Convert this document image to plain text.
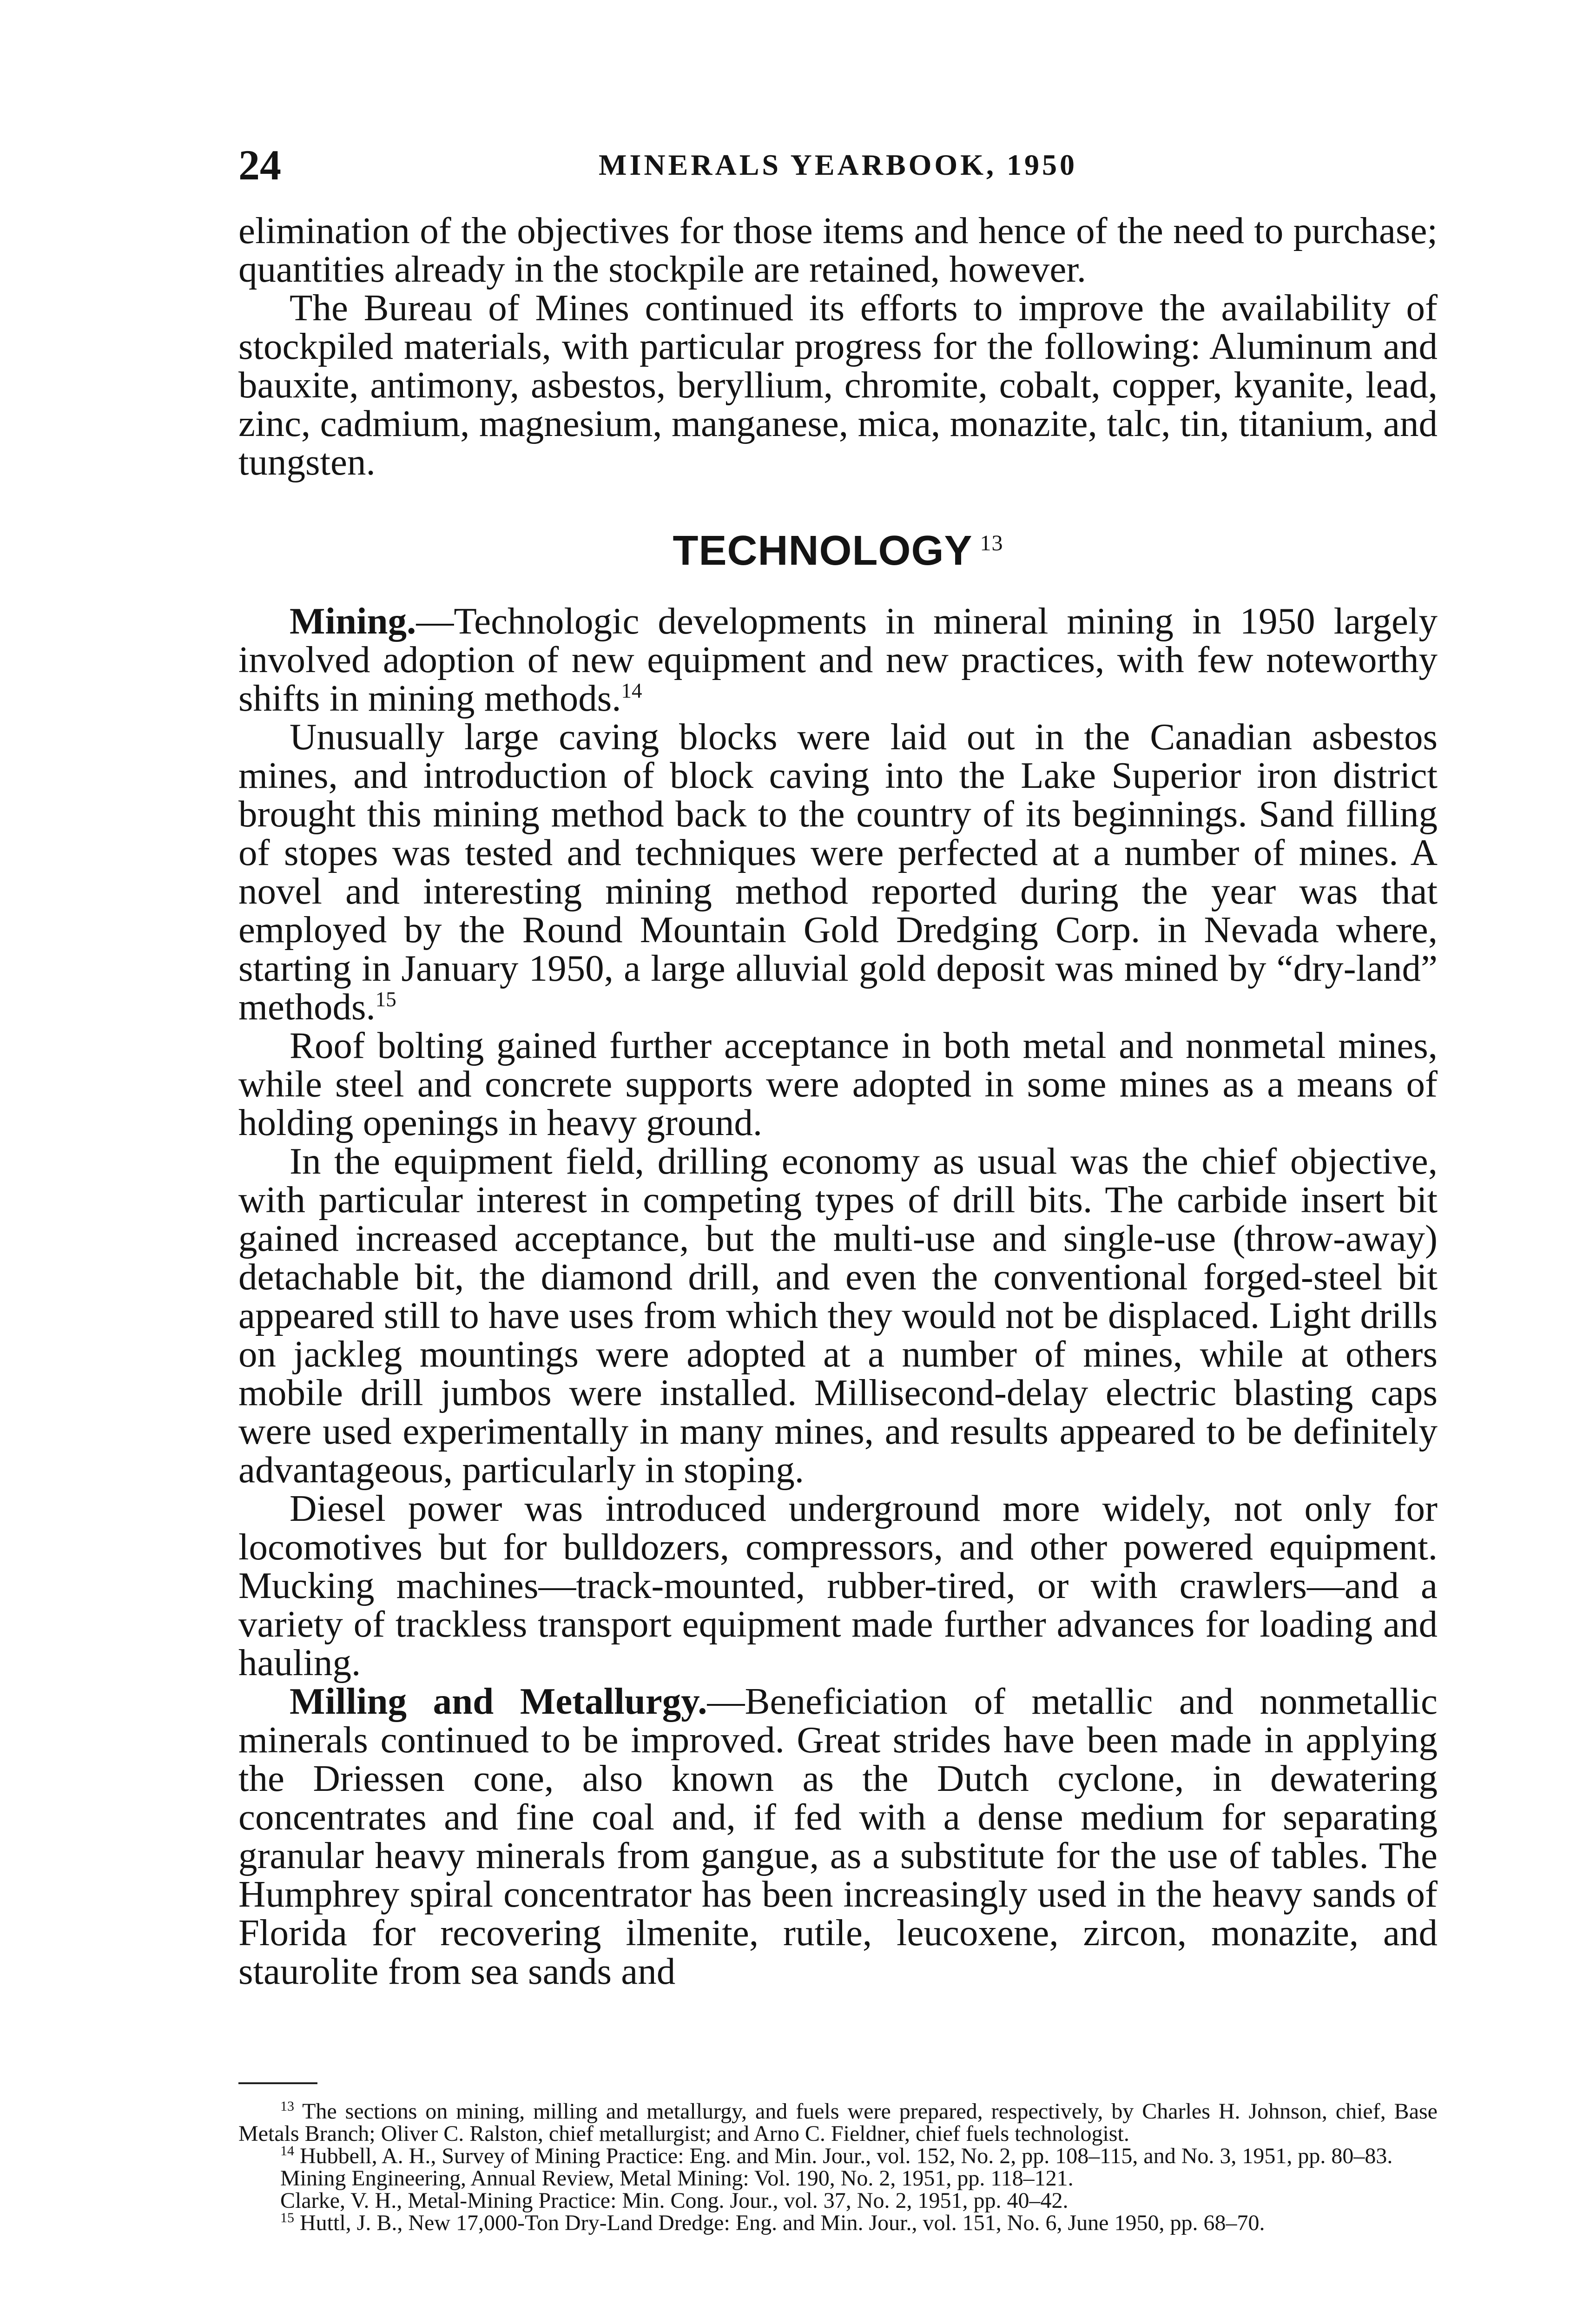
24	MINERALS YEARBOOK, 1950

elimination of the objectives for those items and hence of the need to purchase; quantities already in the stockpile are retained, however.

The Bureau of Mines continued its efforts to improve the availability of stockpiled materials, with particular progress for the following: Aluminum and bauxite, antimony, asbestos, beryllium, chromite, cobalt, copper, kyanite, lead, zinc, cadmium, magnesium, manganese, mica, monazite, talc, tin, titanium, and tungsten.

TECHNOLOGY $^{13}$

Mining.—Technologic developments in mineral mining in 1950 largely involved adoption of new equipment and new practices, with few noteworthy shifts in mining methods.$^{14}$

Unusually large caving blocks were laid out in the Canadian asbestos mines, and introduction of block caving into the Lake Superior iron district brought this mining method back to the country of its beginnings. Sand filling of stopes was tested and techniques were perfected at a number of mines. A novel and interesting mining method reported during the year was that employed by the Round Mountain Gold Dredging Corp. in Nevada where, starting in January 1950, a large alluvial gold deposit was mined by “dry-land” methods.$^{15}$

Roof bolting gained further acceptance in both metal and nonmetal mines, while steel and concrete supports were adopted in some mines as a means of holding openings in heavy ground.

In the equipment field, drilling economy as usual was the chief objective, with particular interest in competing types of drill bits. The carbide insert bit gained increased acceptance, but the multi-use and single-use (throw-away) detachable bit, the diamond drill, and even the conventional forged-steel bit appeared still to have uses from which they would not be displaced. Light drills on jackleg mountings were adopted at a number of mines, while at others mobile drill jumbos were installed. Millisecond-delay electric blasting caps were used experimentally in many mines, and results appeared to be definitely advantageous, particularly in stoping.

Diesel power was introduced underground more widely, not only for locomotives but for bulldozers, compressors, and other powered equipment. Mucking machines—track-mounted, rubber-tired, or with crawlers—and a variety of trackless transport equipment made further advances for loading and hauling.

Milling and Metallurgy.—Beneficiation of metallic and nonmetallic minerals continued to be improved. Great strides have been made in applying the Driessen cone, also known as the Dutch cyclone, in dewatering concentrates and fine coal and, if fed with a dense medium for separating granular heavy minerals from gangue, as a substitute for the use of tables. The Humphrey spiral concentrator has been increasingly used in the heavy sands of Florida for recovering ilmenite, rutile, leucoxene, zircon, monazite, and staurolite from sea sands and

$^{13}$ The sections on mining, milling and metallurgy, and fuels were prepared, respectively, by Charles H. Johnson, chief, Base Metals Branch; Oliver C. Ralston, chief metallurgist; and Arno C. Fieldner, chief fuels technologist.

$^{14}$ Hubbell, A. H., Survey of Mining Practice: Eng. and Min. Jour., vol. 152, No. 2, pp. 108–115, and No. 3, 1951, pp. 80–83.

Mining Engineering, Annual Review, Metal Mining: Vol. 190, No. 2, 1951, pp. 118–121.

Clarke, V. H., Metal-Mining Practice: Min. Cong. Jour., vol. 37, No. 2, 1951, pp. 40–42.

$^{15}$ Huttl, J. B., New 17,000-Ton Dry-Land Dredge: Eng. and Min. Jour., vol. 151, No. 6, June 1950, pp. 68–70.
